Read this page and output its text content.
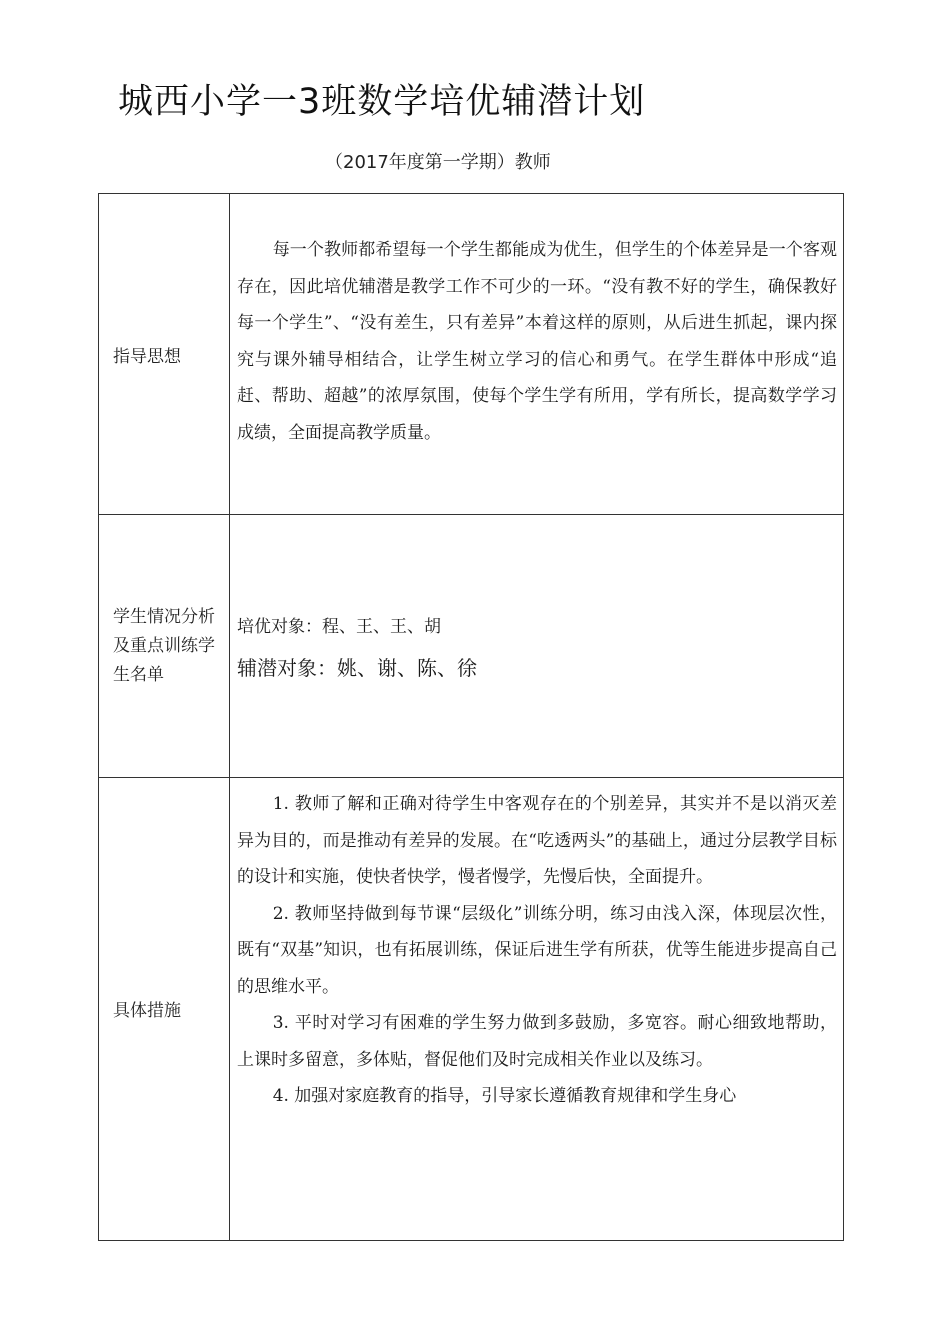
城西小学一3班数学培优辅潜计划
（2017年度第一学期）教师
指导思想

每一个教师都希望每一个学生都能成为优生，但学生的个体差异是一个客观存在，因此培优辅潜是教学工作不可少的一环。“没有教不好的学生，确保教好每一个学生”、“没有差生，只有差异”本着这样的原则，从后进生抓起，课内探究与课外辅导相结合，让学生树立学习的信心和勇气。在学生群体中形成“追赶、帮助、超越”的浓厚氛围，使每个学生学有所用，学有所长，提高数学学习成绩，全面提高教学质量。

学生情况分析及重点训练学生名单

培优对象：程、王、王、胡

辅潜对象：姚、谢、陈、徐

具体措施

1. 教师了解和正确对待学生中客观存在的个别差异，其实并不是以消灭差异为目的，而是推动有差异的发展。在“吃透两头”的基础上，通过分层教学目标的设计和实施，使快者快学，慢者慢学，先慢后快，全面提升。

2. 教师坚持做到每节课“层级化”训练分明，练习由浅入深，体现层次性，既有“双基”知识，也有拓展训练，保证后进生学有所获，优等生能进步提高自己的思维水平。

3. 平时对学习有困难的学生努力做到多鼓励，多宽容。耐心细致地帮助，上课时多留意，多体贴，督促他们及时完成相关作业以及练习。

4. 加强对家庭教育的指导，引导家长遵循教育规律和学生身心
